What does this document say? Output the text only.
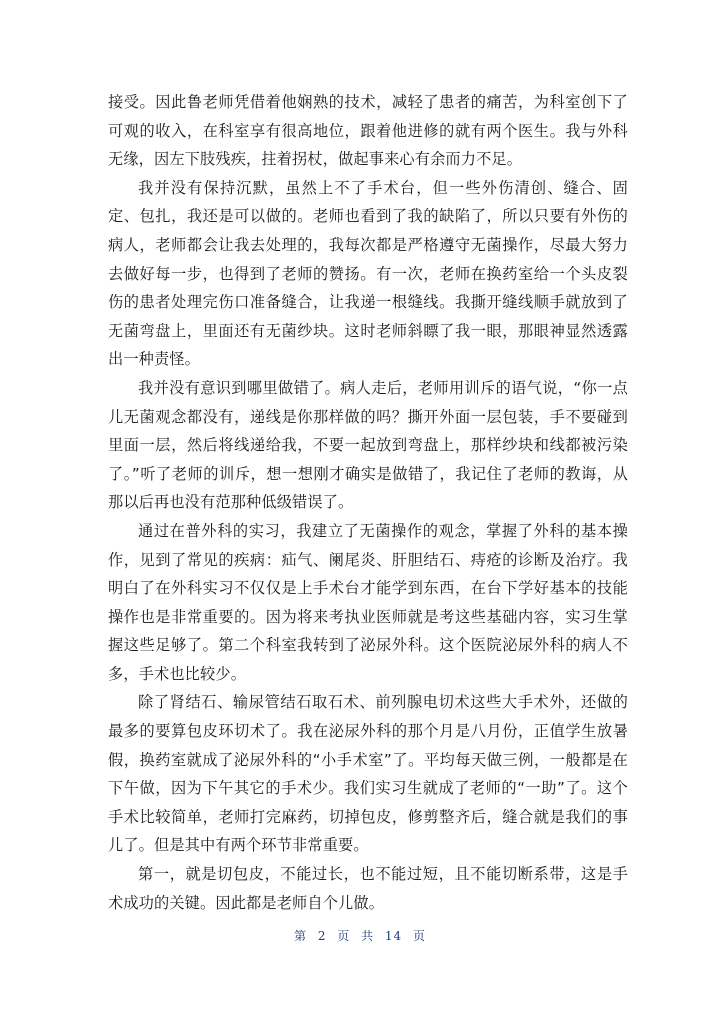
接受。因此鲁老师凭借着他娴熟的技术，减轻了患者的痛苦，为科室创下了可观的收入，在科室享有很高地位，跟着他进修的就有两个医生。我与外科无缘，因左下肢残疾，拄着拐杖，做起事来心有余而力不足。

我并没有保持沉默，虽然上不了手术台，但一些外伤清创、缝合、固定、包扎，我还是可以做的。老师也看到了我的缺陷了，所以只要有外伤的病人，老师都会让我去处理的，我每次都是严格遵守无菌操作，尽最大努力去做好每一步，也得到了老师的赞扬。有一次，老师在换药室给一个头皮裂伤的患者处理完伤口准备缝合，让我递一根缝线。我撕开缝线顺手就放到了无菌弯盘上，里面还有无菌纱块。这时老师斜瞟了我一眼，那眼神显然透露出一种责怪。

我并没有意识到哪里做错了。病人走后，老师用训斥的语气说，“你一点儿无菌观念都没有，递线是你那样做的吗？撕开外面一层包装，手不要碰到里面一层，然后将线递给我，不要一起放到弯盘上，那样纱块和线都被污染了。”听了老师的训斥，想一想刚才确实是做错了，我记住了老师的教诲，从那以后再也没有范那种低级错误了。

通过在普外科的实习，我建立了无菌操作的观念，掌握了外科的基本操作，见到了常见的疾病：疝气、阑尾炎、肝胆结石、痔疮的诊断及治疗。我明白了在外科实习不仅仅是上手术台才能学到东西，在台下学好基本的技能操作也是非常重要的。因为将来考执业医师就是考这些基础内容，实习生掌握这些足够了。第二个科室我转到了泌尿外科。这个医院泌尿外科的病人不多，手术也比较少。

除了肾结石、输尿管结石取石术、前列腺电切术这些大手术外，还做的最多的要算包皮环切术了。我在泌尿外科的那个月是八月份，正值学生放暑假，换药室就成了泌尿外科的“小手术室”了。平均每天做三例，一般都是在下午做，因为下午其它的手术少。我们实习生就成了老师的“一助”了。这个手术比较简单，老师打完麻药，切掉包皮，修剪整齐后，缝合就是我们的事儿了。但是其中有两个环节非常重要。

第一，就是切包皮，不能过长，也不能过短，且不能切断系带，这是手术成功的关键。因此都是老师自个儿做。

第 2 页 共 14 页
